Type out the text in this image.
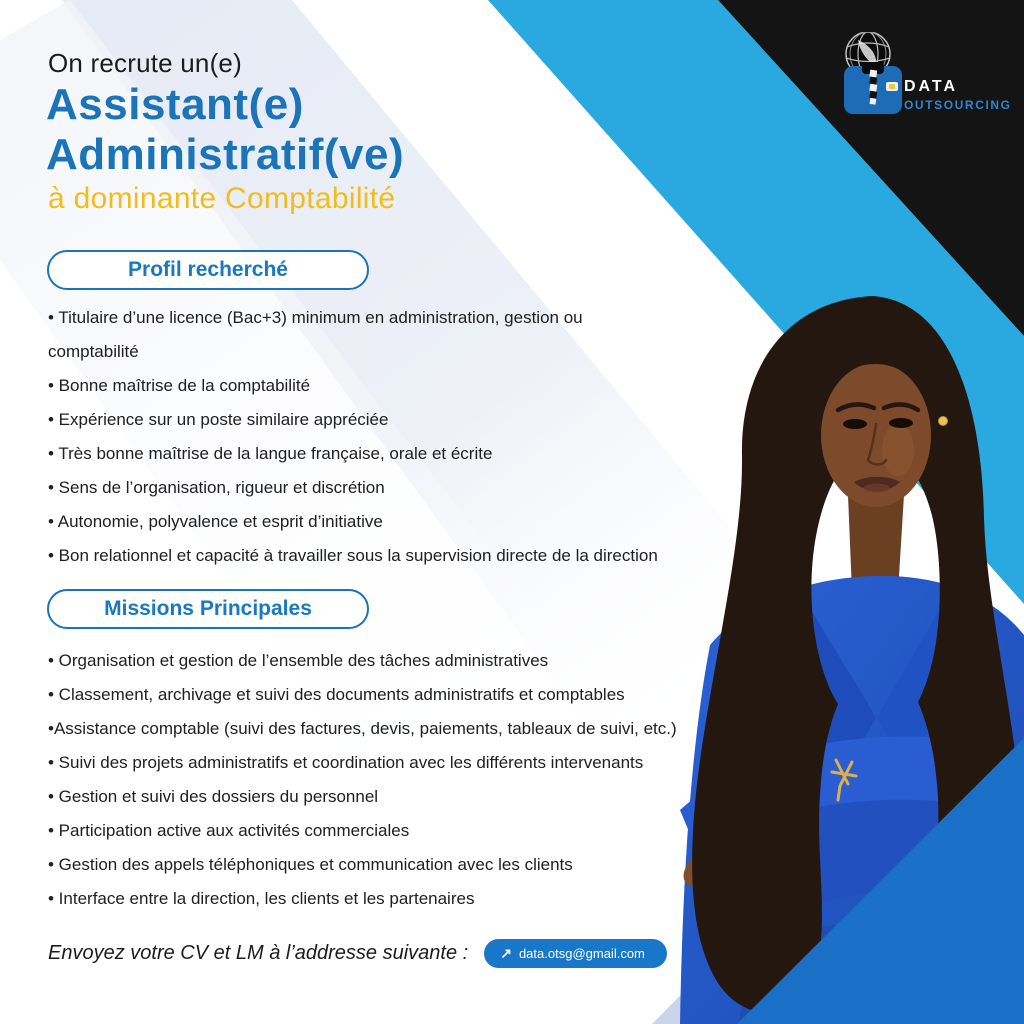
On recrute un(e)
Assistant(e)
Administratif(ve)
à dominante Comptabilité
Profil recherché
• Titulaire d’une licence (Bac+3) minimum en administration, gestion ou comptabilité
• Bonne maîtrise de la comptabilité
• Expérience sur un poste similaire appréciée
• Très bonne maîtrise de la langue française, orale et écrite
• Sens de l’organisation, rigueur et discrétion
• Autonomie, polyvalence et esprit d’initiative
• Bon relationnel et capacité à travailler sous la supervision directe de la direction
Missions Principales
• Organisation et gestion de l’ensemble des tâches administratives
• Classement, archivage et suivi des documents administratifs et comptables
•Assistance comptable (suivi des factures, devis, paiements, tableaux de suivi, etc.)
• Suivi des projets administratifs et coordination avec les différents intervenants
• Gestion et suivi des dossiers du personnel
• Participation active aux activités commerciales
• Gestion des appels téléphoniques et communication avec les clients
• Interface entre la direction, les clients et les partenaires
Envoyez votre CV et LM à l’addresse suivante : ↗ data.otsg@gmail.com
DATA
OUTSOURCING
